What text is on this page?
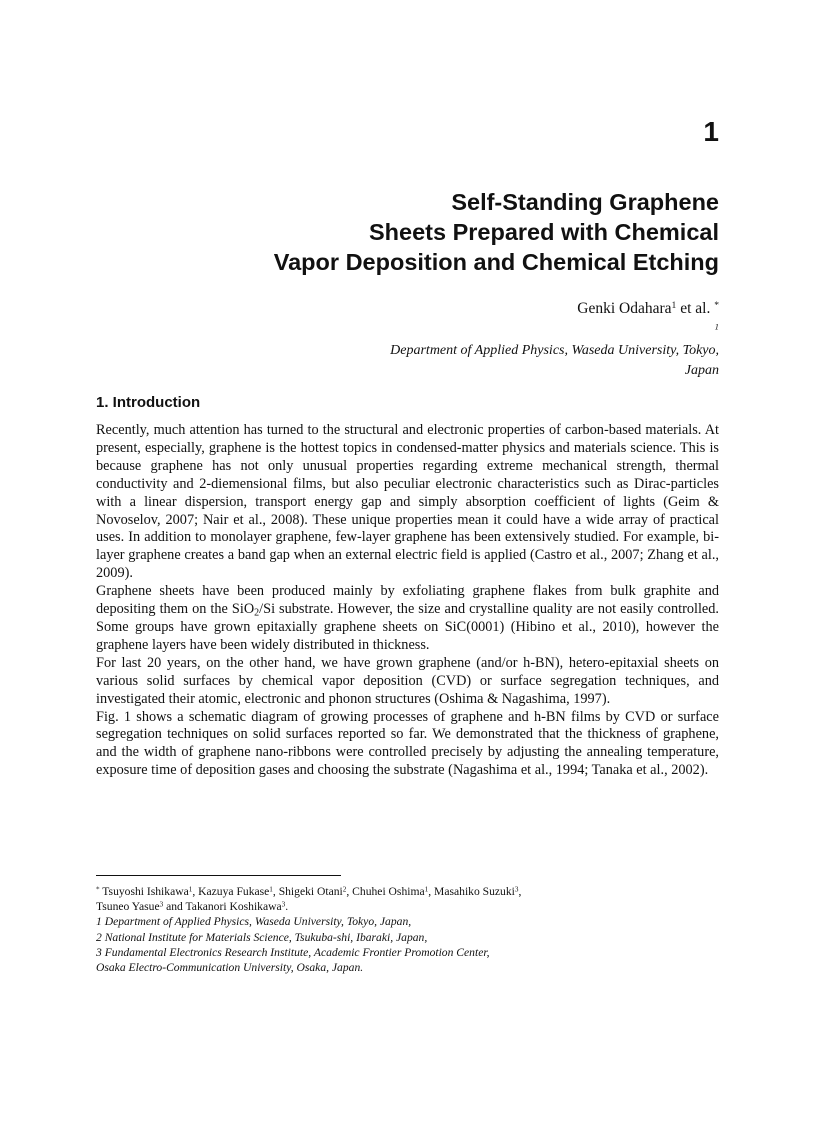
1
Self-Standing Graphene
Sheets Prepared with Chemical
Vapor Deposition and Chemical Etching
Genki Odahara$^1$ et al. *
$^1$
Department of Applied Physics, Waseda University, Tokyo,
Japan
1. Introduction

Recently, much attention has turned to the structural and electronic properties of carbon-based materials. At present, especially, graphene is the hottest topics in condensed-matter physics and materials science. This is because graphene has not only unusual properties regarding extreme mechanical strength, thermal conductivity and 2-diemensional films, but also peculiar electronic characteristics such as Dirac-particles with a linear dispersion, transport energy gap and simply absorption coefficient of lights (Geim & Novoselov, 2007; Nair et al., 2008). These unique properties mean it could have a wide array of practical uses. In addition to monolayer graphene, few-layer graphene has been extensively studied. For example, bi-layer graphene creates a band gap when an external electric field is applied (Castro et al., 2007; Zhang et al., 2009).

Graphene sheets have been produced mainly by exfoliating graphene flakes from bulk graphite and depositing them on the SiO$_2$/Si substrate. However, the size and crystalline quality are not easily controlled. Some groups have grown epitaxially graphene sheets on SiC(0001) (Hibino et al., 2010), however the graphene layers have been widely distributed in thickness.

For last 20 years, on the other hand, we have grown graphene (and/or h-BN), hetero-epitaxial sheets on various solid surfaces by chemical vapor deposition (CVD) or surface segregation techniques, and investigated their atomic, electronic and phonon structures (Oshima & Nagashima, 1997).

Fig. 1 shows a schematic diagram of growing processes of graphene and h-BN films by CVD or surface segregation techniques on solid surfaces reported so far. We demonstrated that the thickness of graphene, and the width of graphene nano-ribbons were controlled precisely by adjusting the annealing temperature, exposure time of deposition gases and choosing the substrate (Nagashima et al., 1994; Tanaka et al., 2002).

* Tsuyoshi Ishikawa$^1$, Kazuya Fukase$^1$, Shigeki Otani$^2$, Chuhei Oshima$^1$, Masahiko Suzuki$^3$,
Tsuneo Yasue$^3$ and Takanori Koshikawa$^3$.
1 Department of Applied Physics, Waseda University, Tokyo, Japan,
2 National Institute for Materials Science, Tsukuba-shi, Ibaraki, Japan,
3 Fundamental Electronics Research Institute, Academic Frontier Promotion Center,
Osaka Electro-Communication University, Osaka, Japan.
